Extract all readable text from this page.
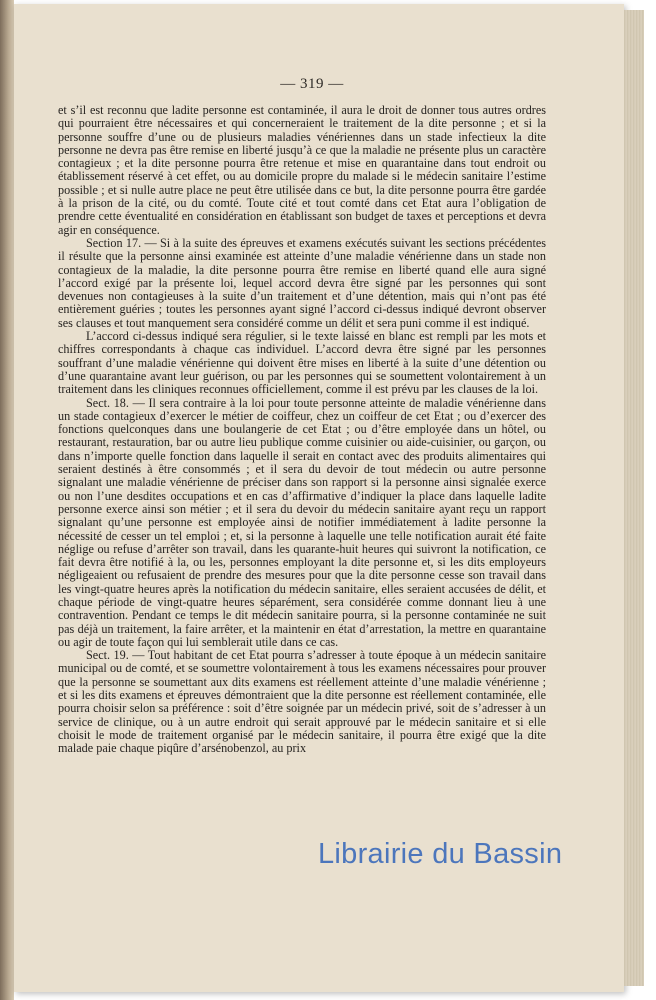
— 319 —

et s’il est reconnu que ladite personne est contaminée, il aura le droit de donner tous autres ordres qui pourraient être nécessaires et qui concerneraient le traitement de la dite personne ; et si la personne souffre d’une ou de plusieurs maladies vénériennes dans un stade infectieux la dite personne ne devra pas être remise en liberté jusqu’à ce que la maladie ne présente plus un caractère contagieux ; et la dite personne pourra être retenue et mise en quarantaine dans tout endroit ou établissement réservé à cet effet, ou au domicile propre du malade si le médecin sanitaire l’estime possible ; et si nulle autre place ne peut être utilisée dans ce but, la dite personne pourra être gardée à la prison de la cité, ou du comté. Toute cité et tout comté dans cet Etat aura l’obligation de prendre cette éventualité en considération en établissant son budget de taxes et perceptions et devra agir en conséquence.

Section 17. — Si à la suite des épreuves et examens exécutés suivant les sections précédentes il résulte que la personne ainsi examinée est atteinte d’une maladie vénérienne dans un stade non contagieux de la maladie, la dite personne pourra être remise en liberté quand elle aura signé l’accord exigé par la présente loi, lequel accord devra être signé par les personnes qui sont devenues non contagieuses à la suite d’un traitement et d’une détention, mais qui n’ont pas été entièrement guéries ; toutes les personnes ayant signé l’accord ci-dessus indiqué devront observer ses clauses et tout manquement sera considéré comme un délit et sera puni comme il est indiqué.

L’accord ci-dessus indiqué sera régulier, si le texte laissé en blanc est rempli par les mots et chiffres correspondants à chaque cas individuel. L’accord devra être signé par les personnes souffrant d’une maladie vénérienne qui doivent être mises en liberté à la suite d’une détention ou d’une quarantaine avant leur guérison, ou par les personnes qui se soumettent volontairement à un traitement dans les cliniques reconnues officiellement, comme il est prévu par les clauses de la loi.

Sect. 18. — Il sera contraire à la loi pour toute personne atteinte de maladie vénérienne dans un stade contagieux d’exercer le métier de coiffeur, chez un coiffeur de cet Etat ; ou d’exercer des fonctions quelconques dans une boulangerie de cet Etat ; ou d’être employée dans un hôtel, ou restaurant, restauration, bar ou autre lieu publique comme cuisinier ou aide-cuisinier, ou garçon, ou dans n’importe quelle fonction dans laquelle il serait en contact avec des produits alimentaires qui seraient destinés à être consommés ; et il sera du devoir de tout médecin ou autre personne signalant une maladie vénérienne de préciser dans son rapport si la personne ainsi signalée exerce ou non l’une desdites occupations et en cas d’affirmative d’indiquer la place dans laquelle ladite personne exerce ainsi son métier ; et il sera du devoir du médecin sanitaire ayant reçu un rapport signalant qu’une personne est employée ainsi de notifier immédiatement à ladite personne la nécessité de cesser un tel emploi ; et, si la personne à laquelle une telle notification aurait été faite néglige ou refuse d’arrêter son travail, dans les quarante-huit heures qui suivront la notification, ce fait devra être notifié à la, ou les, personnes employant la dite personne et, si les dits employeurs négligeaient ou refusaient de prendre des mesures pour que la dite personne cesse son travail dans les vingt-quatre heures après la notification du médecin sanitaire, elles seraient accusées de délit, et chaque période de vingt-quatre heures séparément, sera considérée comme donnant lieu à une contravention. Pendant ce temps le dit médecin sanitaire pourra, si la personne contaminée ne suit pas déjà un traitement, la faire arrêter, et la maintenir en état d’arrestation, la mettre en quarantaine ou agir de toute façon qui lui semblerait utile dans ce cas.

Sect. 19. — Tout habitant de cet Etat pourra s’adresser à toute époque à un médecin sanitaire municipal ou de comté, et se soumettre volontairement à tous les examens nécessaires pour prouver que la personne se soumettant aux dits examens est réellement atteinte d’une maladie vénérienne ; et si les dits examens et épreuves démontraient que la dite personne est réellement contaminée, elle pourra choisir selon sa préférence : soit d’être soignée par un médecin privé, soit de s’adresser à un service de clinique, ou à un autre endroit qui serait approuvé par le médecin sanitaire et si elle choisit le mode de traitement organisé par le médecin sanitaire, il pourra être exigé que la dite malade paie chaque piqûre d’arsénobenzol, au prix

Librairie du Bassin
